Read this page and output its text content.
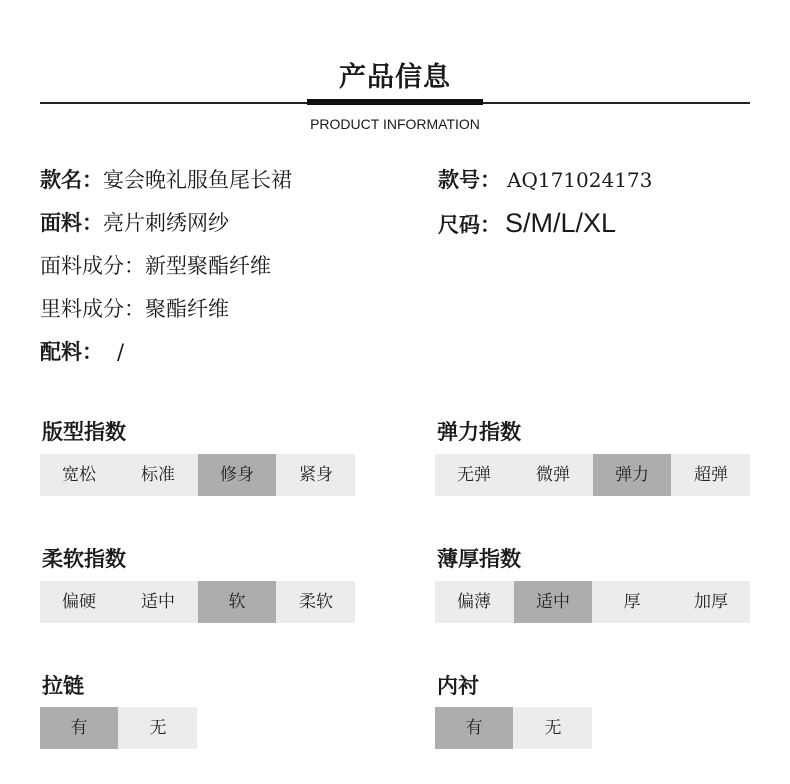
产品信息
PRODUCT INFORMATION
款名：宴会晚礼服鱼尾长裙	款号： AQ171024173
面料：亮片刺绣网纱	尺码： S/M/L/XL
面料成分：新型聚酯纤维
里料成分：聚酯纤维
配料： /
版型指数
宽松	标准	修身	紧身
弹力指数
无弹	微弹	弹力	超弹
柔软指数
偏硬	适中	软	柔软
薄厚指数
偏薄	适中	厚	加厚
拉链
有	无
内衬
有	无
